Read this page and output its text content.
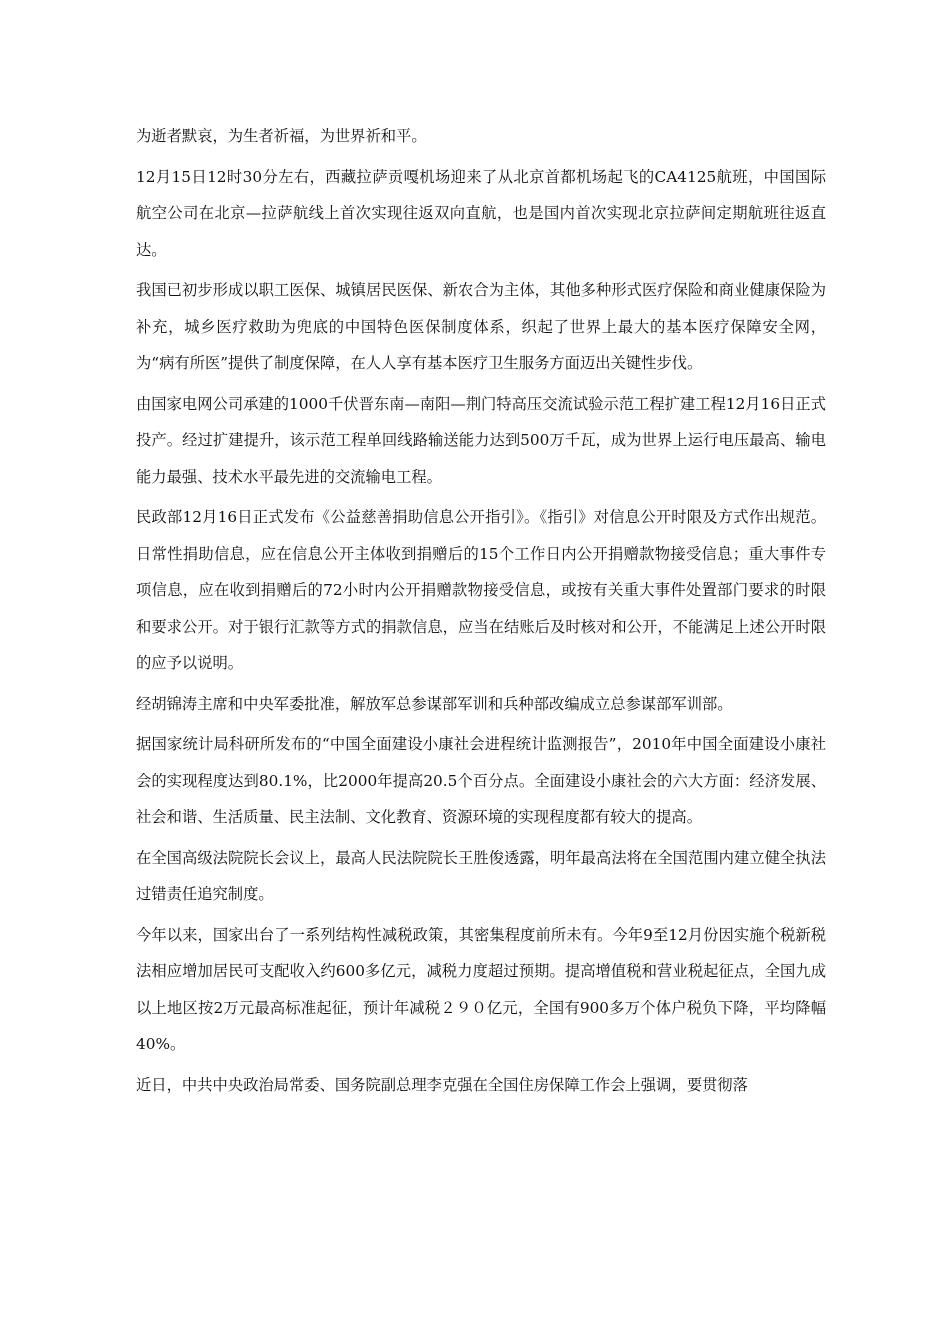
为逝者默哀，为生者祈福，为世界祈和平。

12月15日12时30分左右，西藏拉萨贡嘎机场迎来了从北京首都机场起飞的CA4125航班，中国国际航空公司在北京—拉萨航线上首次实现往返双向直航，也是国内首次实现北京拉萨间定期航班往返直达。

我国已初步形成以职工医保、城镇居民医保、新农合为主体，其他多种形式医疗保险和商业健康保险为补充，城乡医疗救助为兜底的中国特色医保制度体系，织起了世界上最大的基本医疗保障安全网，为“病有所医”提供了制度保障，在人人享有基本医疗卫生服务方面迈出关键性步伐。

由国家电网公司承建的1000千伏晋东南—南阳—荆门特高压交流试验示范工程扩建工程12月16日正式投产。经过扩建提升，该示范工程单回线路输送能力达到500万千瓦，成为世界上运行电压最高、输电能力最强、技术水平最先进的交流输电工程。

民政部12月16日正式发布《公益慈善捐助信息公开指引》。《指引》对信息公开时限及方式作出规范。日常性捐助信息，应在信息公开主体收到捐赠后的15个工作日内公开捐赠款物接受信息；重大事件专项信息，应在收到捐赠后的72小时内公开捐赠款物接受信息，或按有关重大事件处置部门要求的时限和要求公开。对于银行汇款等方式的捐款信息，应当在结账后及时核对和公开，不能满足上述公开时限的应予以说明。

经胡锦涛主席和中央军委批准，解放军总参谋部军训和兵种部改编成立总参谋部军训部。

据国家统计局科研所发布的“中国全面建设小康社会进程统计监测报告”，2010年中国全面建设小康社会的实现程度达到80.1%，比2000年提高20.5个百分点。全面建设小康社会的六大方面：经济发展、社会和谐、生活质量、民主法制、文化教育、资源环境的实现程度都有较大的提高。

在全国高级法院院长会议上，最高人民法院院长王胜俊透露，明年最高法将在全国范围内建立健全执法过错责任追究制度。

今年以来，国家出台了一系列结构性减税政策，其密集程度前所未有。今年9至12月份因实施个税新税法相应增加居民可支配收入约600多亿元，减税力度超过预期。提高增值税和营业税起征点，全国九成以上地区按2万元最高标准起征，预计年减税２９０亿元，全国有900多万个体户税负下降，平均降幅40%。

近日，中共中央政治局常委、国务院副总理李克强在全国住房保障工作会上强调，要贯彻落
